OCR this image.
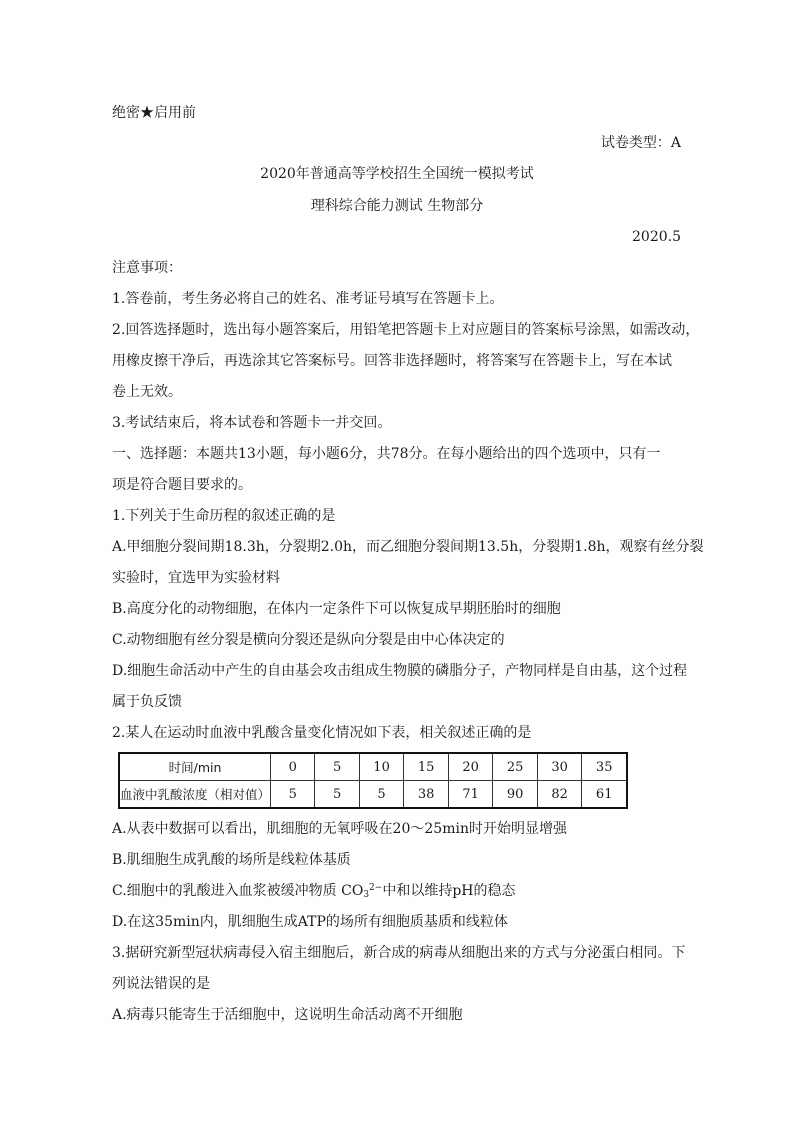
绝密★启用前
试卷类型：A
2020年普通高等学校招生全国统一模拟考试
理科综合能力测试 生物部分
2020.5
注意事项：
1.答卷前，考生务必将自己的姓名、准考证号填写在答题卡上。
2.回答选择题时，选出每小题答案后，用铅笔把答题卡上对应题目的答案标号涂黑，如需改动，
用橡皮擦干净后，再选涂其它答案标号。回答非选择题时，将答案写在答题卡上，写在本试
卷上无效。
3.考试结束后，将本试卷和答题卡一并交回。
一、选择题：本题共13小题，每小题6分，共78分。在每小题给出的四个选项中，只有一
项是符合题目要求的。
1.下列关于生命历程的叙述正确的是
A.甲细胞分裂间期18.3h，分裂期2.0h，而乙细胞分裂间期13.5h，分裂期1.8h，观察有丝分裂
实验时，宜选甲为实验材料
B.高度分化的动物细胞，在体内一定条件下可以恢复成早期胚胎时的细胞
C.动物细胞有丝分裂是横向分裂还是纵向分裂是由中心体决定的
D.细胞生命活动中产生的自由基会攻击组成生物膜的磷脂分子，产物同样是自由基，这个过程
属于负反馈
2.某人在运动时血液中乳酸含量变化情况如下表，相关叙述正确的是
时间/min	0	5	10	15	20	25	30	35
血液中乳酸浓度（相对值）	5	5	5	38	71	90	82	61
A.从表中数据可以看出，肌细胞的无氧呼吸在20～25min时开始明显增强
B.肌细胞生成乳酸的场所是线粒体基质
C.细胞中的乳酸进入血浆被缓冲物质 $CO_3^{2-}$中和以维持pH的稳态
D.在这35min内，肌细胞生成ATP的场所有细胞质基质和线粒体
3.据研究新型冠状病毒侵入宿主细胞后，新合成的病毒从细胞出来的方式与分泌蛋白相同。下
列说法错误的是
A.病毒只能寄生于活细胞中，这说明生命活动离不开细胞
